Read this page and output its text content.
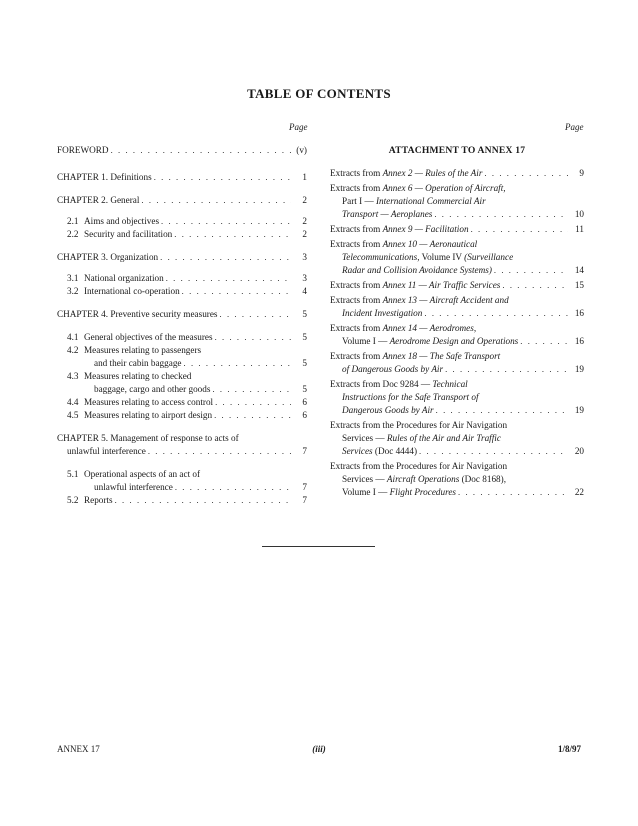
TABLE OF CONTENTS
Page	Page
FOREWORD . . .	(v)
CHAPTER 1. Definitions . . .	1
CHAPTER 2. General . . .	2
2.1 Aims and objectives . . .	2
2.2 Security and facilitation . . .	2
CHAPTER 3. Organization . . .	3
3.1 National organization . . .	3
3.2 International co-operation . . .	4
CHAPTER 4. Preventive security measures . . .	5
4.1 General objectives of the measures . . .	5
4.2 Measures relating to passengers
and their cabin baggage . . .	5
4.3 Measures relating to checked
baggage, cargo and other goods . . .	5
4.4 Measures relating to access control . . .	6
4.5 Measures relating to airport design . . .	6
CHAPTER 5. Management of response to acts of
unlawful interference . . .	7
5.1 Operational aspects of an act of
unlawful interference . . .	7
5.2 Reports . . .	7
ATTACHMENT TO ANNEX 17
Extracts from Annex 2 — Rules of the Air . . .	9
Extracts from Annex 6 — Operation of Aircraft,
Part I — International Commercial Air
Transport — Aeroplanes . . .	10
Extracts from Annex 9 — Facilitation . . .	11
Extracts from Annex 10 — Aeronautical
Telecommunications, Volume IV (Surveillance
Radar and Collision Avoidance Systems) . . .	14
Extracts from Annex 11 — Air Traffic Services . . .	15
Extracts from Annex 13 — Aircraft Accident and
Incident Investigation . . .	16
Extracts from Annex 14 — Aerodromes,
Volume I — Aerodrome Design and Operations . . .	16
Extracts from Annex 18 — The Safe Transport
of Dangerous Goods by Air . . .	19
Extracts from Doc 9284 — Technical
Instructions for the Safe Transport of
Dangerous Goods by Air . . .	19
Extracts from the Procedures for Air Navigation
Services — Rules of the Air and Air Traffic
Services (Doc 4444) . . .	20
Extracts from the Procedures for Air Navigation
Services — Aircraft Operations (Doc 8168),
Volume I — Flight Procedures . . .	22
ANNEX 17	(iii)	1/8/97
